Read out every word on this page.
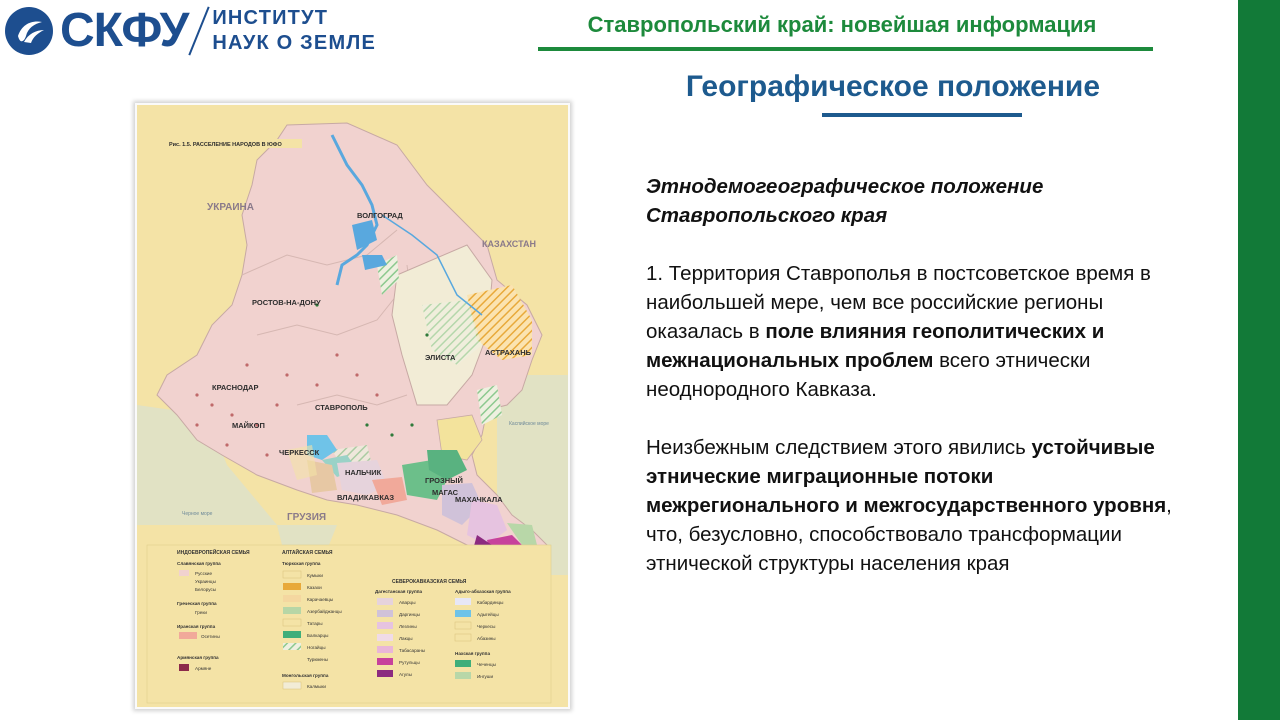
СКФУ ИНСТИТУТ
НАУК О ЗЕМЛЕ
Ставропольский край: новейшая информация
Географическое положение
УКРАИНА
КАЗАХСТАН
ГРУЗИЯ
Черное море
Каспийское море
ВОЛГОГРАД
РОСТОВ-НА-ДОНУ
АСТРАХАНЬ
ЭЛИСТА
КРАСНОДАР
СТАВРОПОЛЬ
МАЙКОП
ЧЕРКЕССК
НАЛЬЧИК
ГРОЗНЫЙ
МАГАС
ВЛАДИКАВКАЗ	МАХАЧКАЛА
Рис. 1.5. РАССЕЛЕНИЕ НАРОДОВ В ЮФО
ИНДОЕВРОПЕЙСКАЯ СЕМЬЯ
Славянская группа
Русские
Украинцы
Белорусы
Греческая группа
Греки
Иранская группа
Осетины
Армянская группа
Армяне
АЛТАЙСКАЯ СЕМЬЯ
Тюркская группа
Кумыки
Казахи
Карачаевцы
Азербайджанцы
Татары
Балкарцы
Ногайцы
Туркмены
Монгольская группа
Калмыки
СЕВЕРОКАВКАЗСКАЯ СЕМЬЯ
Дагестанская группа
Аварцы
Даргинцы
Лезгины
Лакцы
Табасараны
Рутульцы
Агулы
Адыго-абхазская группа
Кабардинцы
Адыгейцы
Черкесы
Абазины
Нахская группа
Чеченцы
Ингуши

Этнодемогеографическое положение
Ставропольского края

1. Территория Ставрополья в постсоветское время в наибольшей мере, чем все российские регионы оказалась в поле влияния геополитических и межнациональных проблем всего этнически неоднородного Кавказа.

Неизбежным следствием этого явились устойчивые этнические миграционные потоки межрегионального и межгосударственного уровня, что, безусловно, способствовало трансформации этнической структуры населения края
